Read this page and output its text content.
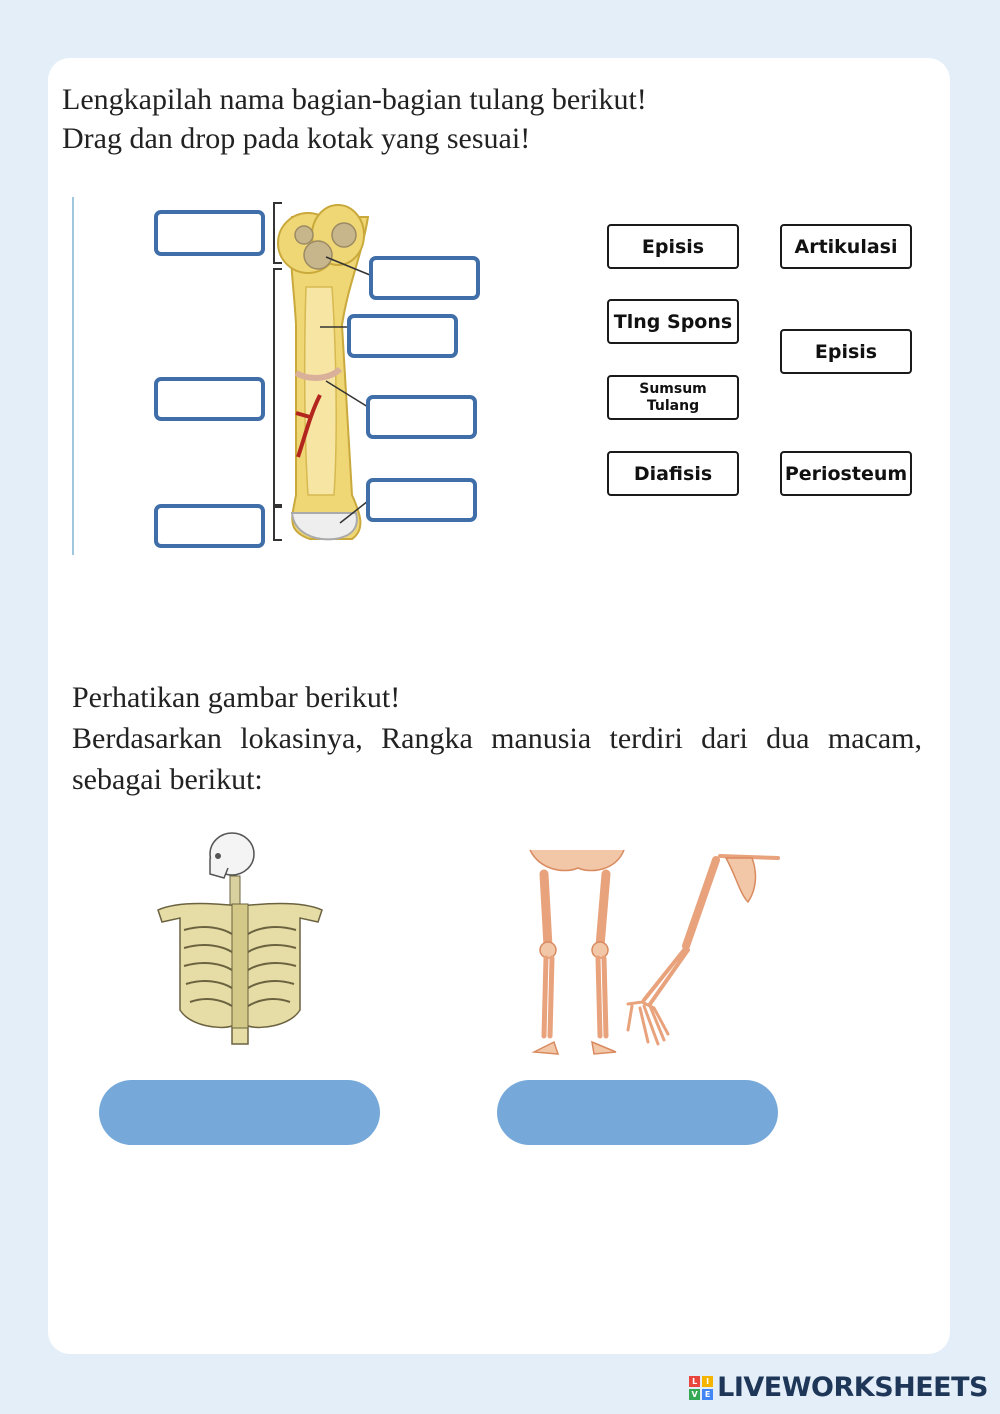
Lengkapilah nama bagian-bagian tulang berikut!
Drag dan drop pada kotak yang sesuai!
Episis	Artikulasi
Tlng Spons
Episis
Sumsum Tulang
Diafisis	Periosteum
Perhatikan gambar berikut!
Berdasarkan lokasinya, Rangka manusia terdiri dari dua macam, sebagai berikut:
L	I
V E LIVEWORKSHEETS
